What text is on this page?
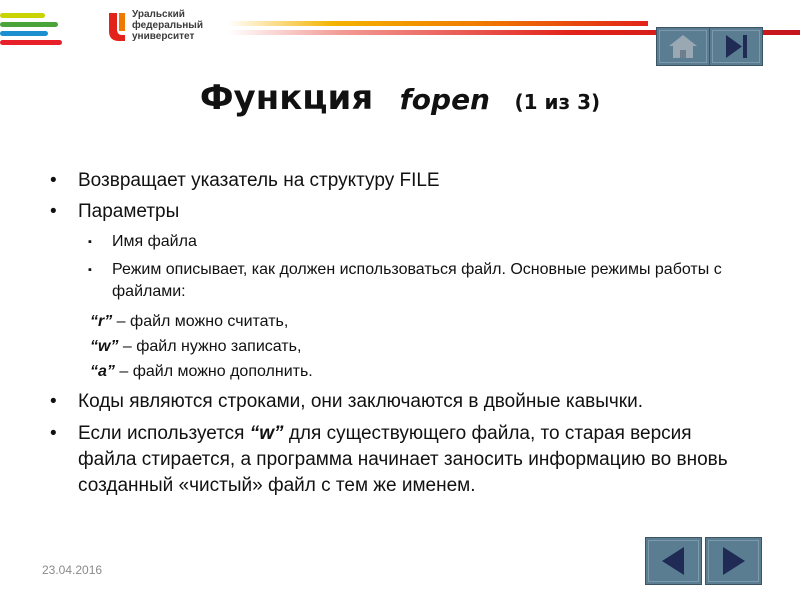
Уральский
федеральный
университет
Функция fopen (1 из 3)
• Возвращает указатель на структуру FILE
• Параметры
▪ Имя файла
▪ Режим описывает, как должен использоваться файл. Основные режимы работы с файлами:
“r” – файл можно считать,
“w” – файл нужно записать,
“a” – файл можно дополнить.
• Коды являются строками, они заключаются в двойные кавычки.
• Если используется “w” для существующего файла, то старая версия файла стирается, а программа начинает заносить информацию во вновь созданный «чистый» файл с тем же именем.
23.04.2016
